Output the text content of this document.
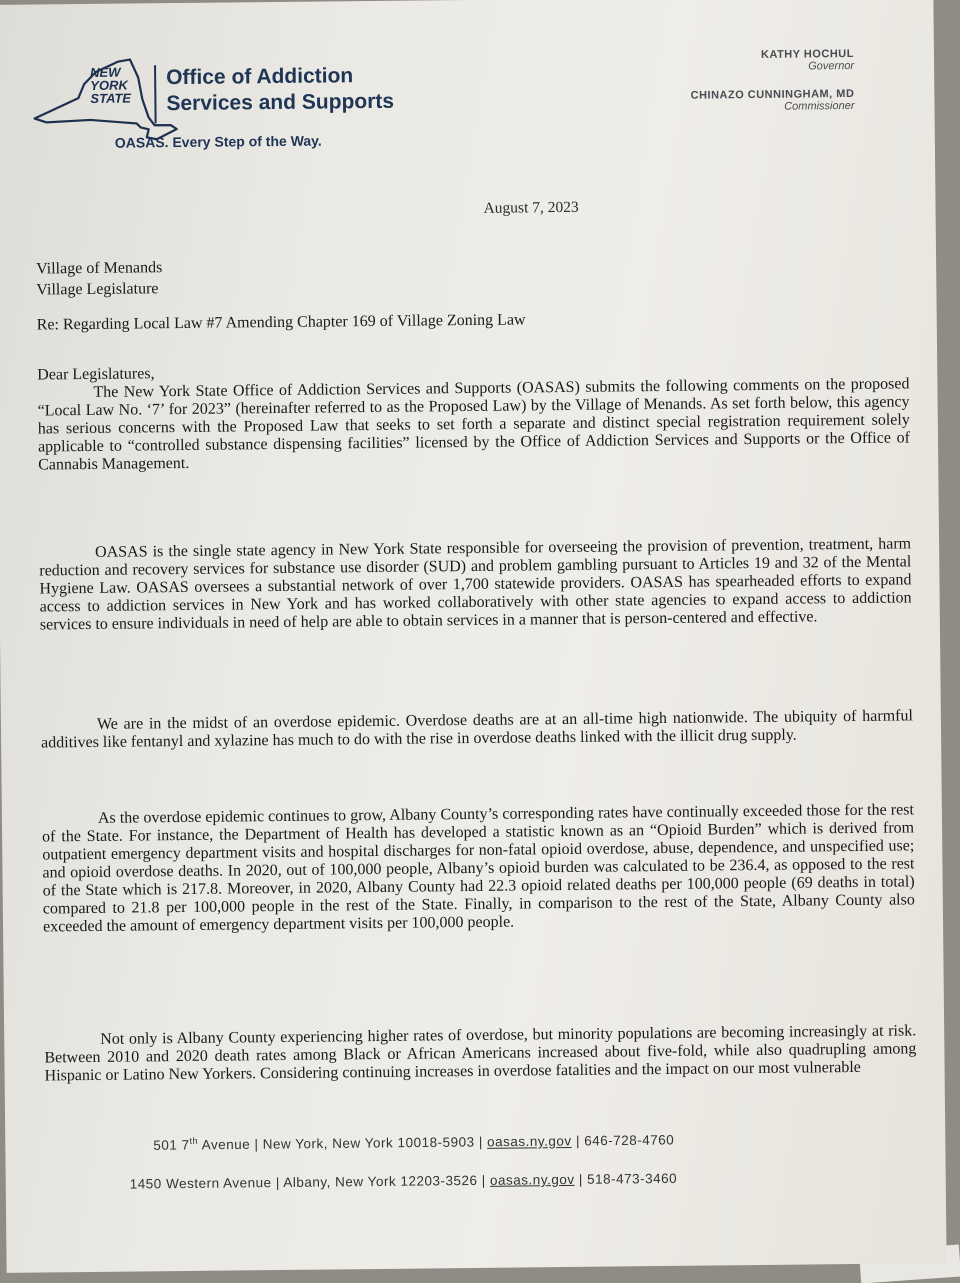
NEW YORK STATE
Office of Addiction
Services and Supports
OASAS. Every Step of the Way.
KATHY HOCHUL
Governor
CHINAZO CUNNINGHAM, MD
Commissioner
August 7, 2023
Village of Menands
Village Legislature
Re: Regarding Local Law #7 Amending Chapter 169 of Village Zoning Law
Dear Legislatures,

The New York State Office of Addiction Services and Supports (OASAS) submits the following comments on the proposed “Local Law No. ‘7’ for 2023” (hereinafter referred to as the Proposed Law) by the Village of Menands. As set forth below, this agency has serious concerns with the Proposed Law that seeks to set forth a separate and distinct special registration requirement solely applicable to “controlled substance dispensing facilities” licensed by the Office of Addiction Services and Supports or the Office of Cannabis Management.

OASAS is the single state agency in New York State responsible for overseeing the provision of prevention, treatment, harm reduction and recovery services for substance use disorder (SUD) and problem gambling pursuant to Articles 19 and 32 of the Mental Hygiene Law. OASAS oversees a substantial network of over 1,700 statewide providers. OASAS has spearheaded efforts to expand access to addiction services in New York and has worked collaboratively with other state agencies to expand access to addiction services to ensure individuals in need of help are able to obtain services in a manner that is person-centered and effective.

We are in the midst of an overdose epidemic. Overdose deaths are at an all-time high nationwide. The ubiquity of harmful additives like fentanyl and xylazine has much to do with the rise in overdose deaths linked with the illicit drug supply.

As the overdose epidemic continues to grow, Albany County’s corresponding rates have continually exceeded those for the rest of the State. For instance, the Department of Health has developed a statistic known as an “Opioid Burden” which is derived from outpatient emergency department visits and hospital discharges for non-fatal opioid overdose, abuse, dependence, and unspecified use; and opioid overdose deaths. In 2020, out of 100,000 people, Albany’s opioid burden was calculated to be 236.4, as opposed to the rest of the State which is 217.8. Moreover, in 2020, Albany County had 22.3 opioid related deaths per 100,000 people (69 deaths in total) compared to 21.8 per 100,000 people in the rest of the State. Finally, in comparison to the rest of the State, Albany County also exceeded the amount of emergency department visits per 100,000 people.

Not only is Albany County experiencing higher rates of overdose, but minority populations are becoming increasingly at risk. Between 2010 and 2020 death rates among Black or African Americans increased about five-fold, while also quadrupling among Hispanic or Latino New Yorkers. Considering continuing increases in overdose fatalities and the impact on our most vulnerable

501 7th Avenue | New York, New York 10018-5903 | oasas.ny.gov | 646-728-4760
1450 Western Avenue | Albany, New York 12203-3526 | oasas.ny.gov | 518-473-3460
